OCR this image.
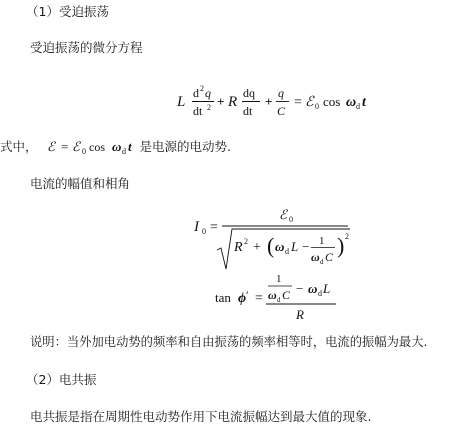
（1）受迫振荡
受迫振荡的微分方程
L
d 2 q
dt 2 + R
dq
dt
+
q
C
= ℰ 0 cos ω d t
式中， ℰ = ℰ 0 cos ω d t 是电源的电动势.
电流的幅值和相角
I 0 =
ℰ 0
R 2 + ( ω d L − 1
ω d C ) 2
tan ϕ ′ =
1
ω d C − ω d L
R
说明：当外加电动势的频率和自由振荡的频率相等时，电流的振幅为最大.
（2）电共振
电共振是指在周期性电动势作用下电流振幅达到最大值的现象.
